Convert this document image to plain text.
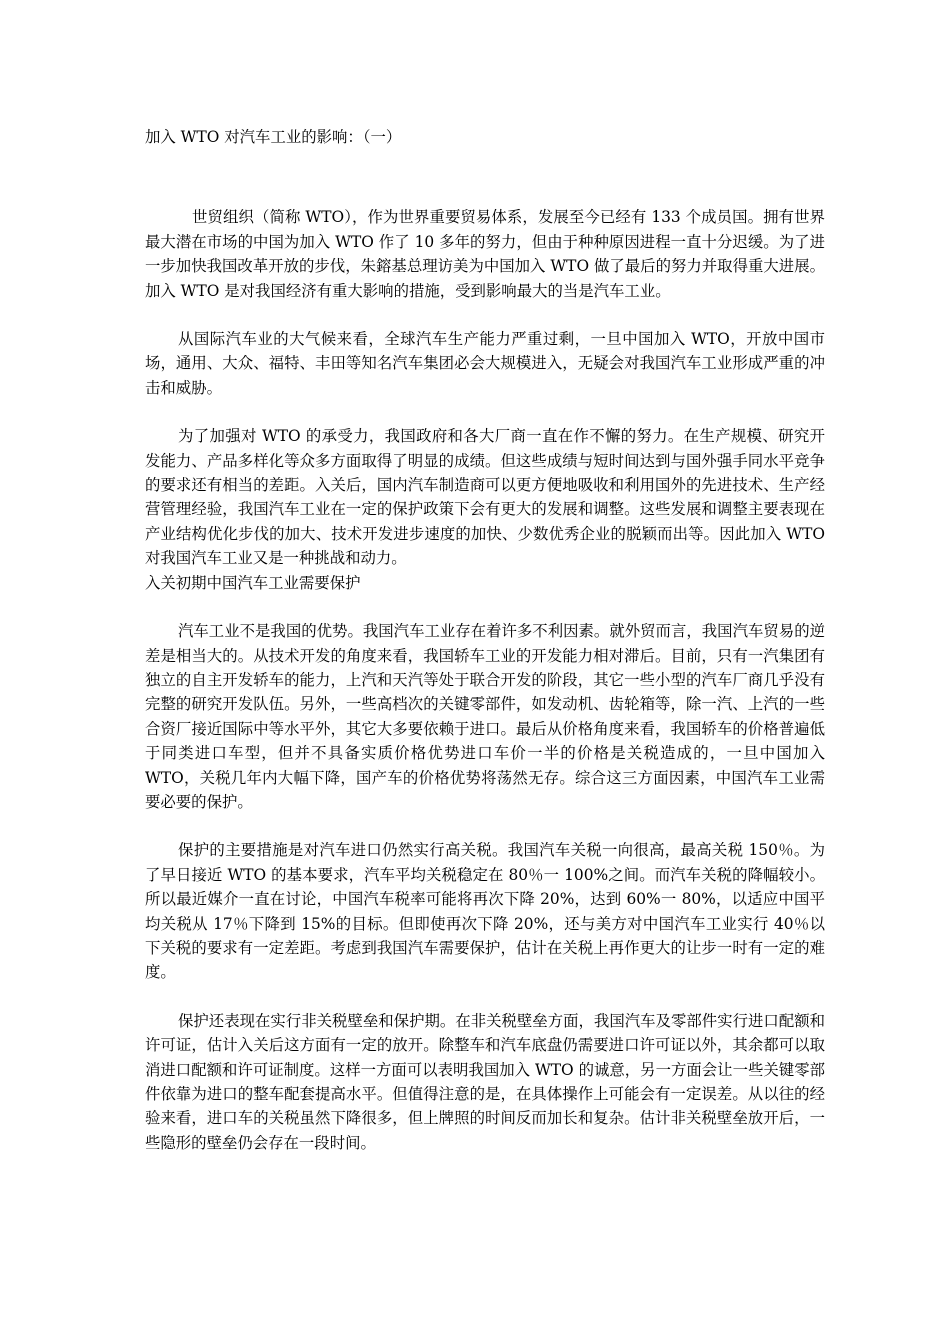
加入 WTO 对汽车工业的影响：（一）

世贸组织（简称 WTO），作为世界重要贸易体系，发展至今已经有 133 个成员国。拥有世界最大潜在市场的中国为加入 WTO 作了 10 多年的努力，但由于种种原因进程一直十分迟缓。为了进一步加快我国改革开放的步伐，朱鎔基总理访美为中国加入 WTO 做了最后的努力并取得重大进展。加入 WTO 是对我国经济有重大影响的措施，受到影响最大的当是汽车工业。

从国际汽车业的大气候来看，全球汽车生产能力严重过剩，一旦中国加入 WTO，开放中国市场，通用、大众、福特、丰田等知名汽车集团必会大规模进入，无疑会对我国汽车工业形成严重的冲击和威胁。

为了加强对 WTO 的承受力，我国政府和各大厂商一直在作不懈的努力。在生产规模、研究开发能力、产品多样化等众多方面取得了明显的成绩。但这些成绩与短时间达到与国外强手同水平竞争的要求还有相当的差距。入关后，国内汽车制造商可以更方便地吸收和利用国外的先进技术、生产经营管理经验，我国汽车工业在一定的保护政策下会有更大的发展和调整。这些发展和调整主要表现在产业结构优化步伐的加大、技术开发进步速度的加快、少数优秀企业的脱颖而出等。因此加入 WTO 对我国汽车工业又是一种挑战和动力。

入关初期中国汽车工业需要保护

汽车工业不是我国的优势。我国汽车工业存在着许多不利因素。就外贸而言，我国汽车贸易的逆差是相当大的。从技术开发的角度来看，我国轿车工业的开发能力相对滞后。目前，只有一汽集团有独立的自主开发轿车的能力，上汽和天汽等处于联合开发的阶段，其它一些小型的汽车厂商几乎没有完整的研究开发队伍。另外，一些高档次的关键零部件，如发动机、齿轮箱等，除一汽、上汽的一些合资厂接近国际中等水平外，其它大多要依赖于进口。最后从价格角度来看，我国轿车的价格普遍低于同类进口车型，但并不具备实质价格优势进口车价一半的价格是关税造成的，一旦中国加入 WTO，关税几年内大幅下降，国产车的价格优势将荡然无存。综合这三方面因素，中国汽车工业需要必要的保护。

保护的主要措施是对汽车进口仍然实行高关税。我国汽车关税一向很高，最高关税 150％。为了早日接近 WTO 的基本要求，汽车平均关税稳定在 80％一 100%之间。而汽车关税的降幅较小。所以最近媒介一直在讨论，中国汽车税率可能将再次下降 20%，达到 60%一 80%，以适应中国平均关税从 17％下降到 15%的目标。但即使再次下降 20%，还与美方对中国汽车工业实行 40％以下关税的要求有一定差距。考虑到我国汽车需要保护，估计在关税上再作更大的让步一时有一定的难度。

保护还表现在实行非关税壁垒和保护期。在非关税壁垒方面，我国汽车及零部件实行进口配额和许可证，估计入关后这方面有一定的放开。除整车和汽车底盘仍需要进口许可证以外，其余都可以取消进口配额和许可证制度。这样一方面可以表明我国加入 WTO 的诚意，另一方面会让一些关键零部件依靠为进口的整车配套提高水平。但值得注意的是，在具体操作上可能会有一定误差。从以往的经验来看，进口车的关税虽然下降很多，但上牌照的时间反而加长和复杂。估计非关税壁垒放开后，一些隐形的壁垒仍会存在一段时间。
